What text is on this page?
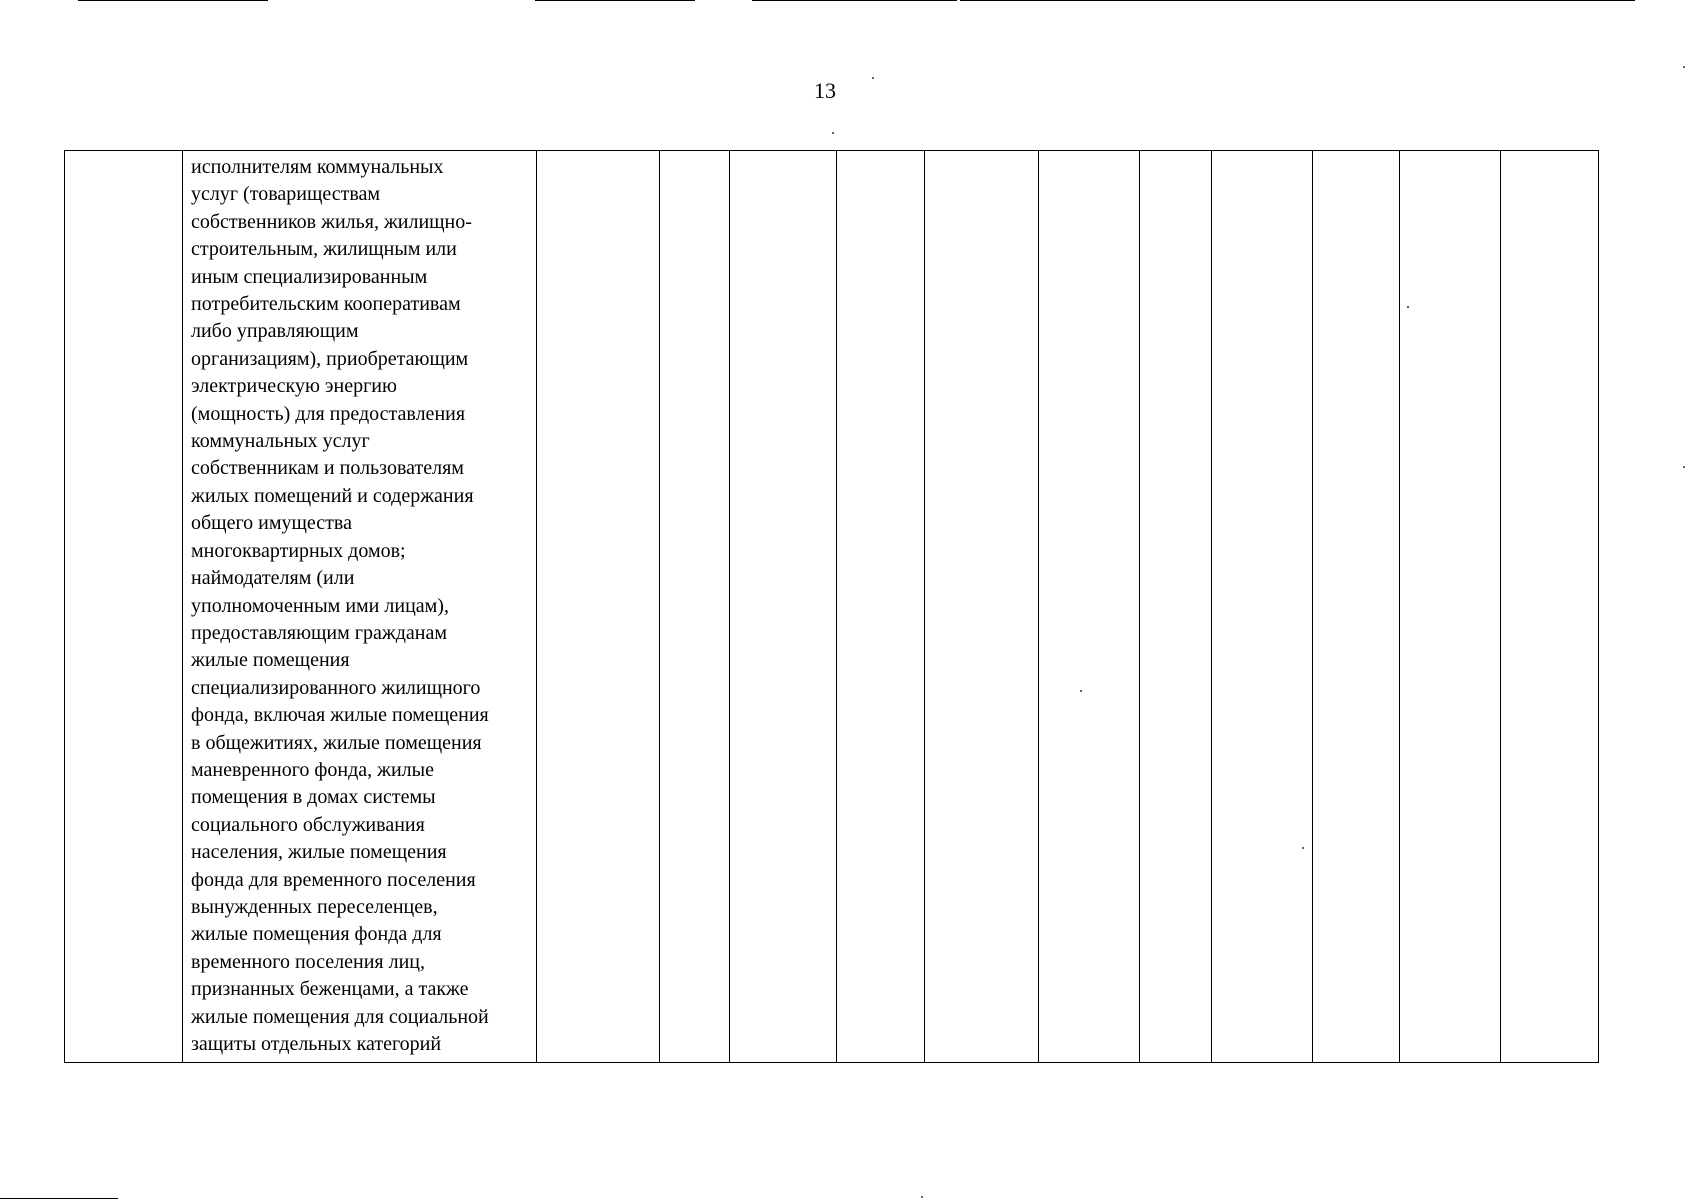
13
	исполнителям коммунальных
услуг (товариществам
собственников жилья, жилищно-
строительным, жилищным или
иным специализированным
потребительским кооперативам
либо управляющим
организациям), приобретающим
электрическую энергию
(мощность) для предоставления
коммунальных услуг
собственникам и пользователям
жилых помещений и содержания
общего имущества
многоквартирных домов;
наймодателям (или
уполномоченным ими лицам),
предоставляющим гражданам
жилые помещения
специализированного жилищного
фонда, включая жилые помещения
в общежитиях, жилые помещения
маневренного фонда, жилые
помещения в домах системы
социального обслуживания
населения, жилые помещения
фонда для временного поселения
вынужденных переселенцев,
жилые помещения фонда для
временного поселения лиц,
признанных беженцами, а также
жилые помещения для социальной
защиты отдельных категорий											
